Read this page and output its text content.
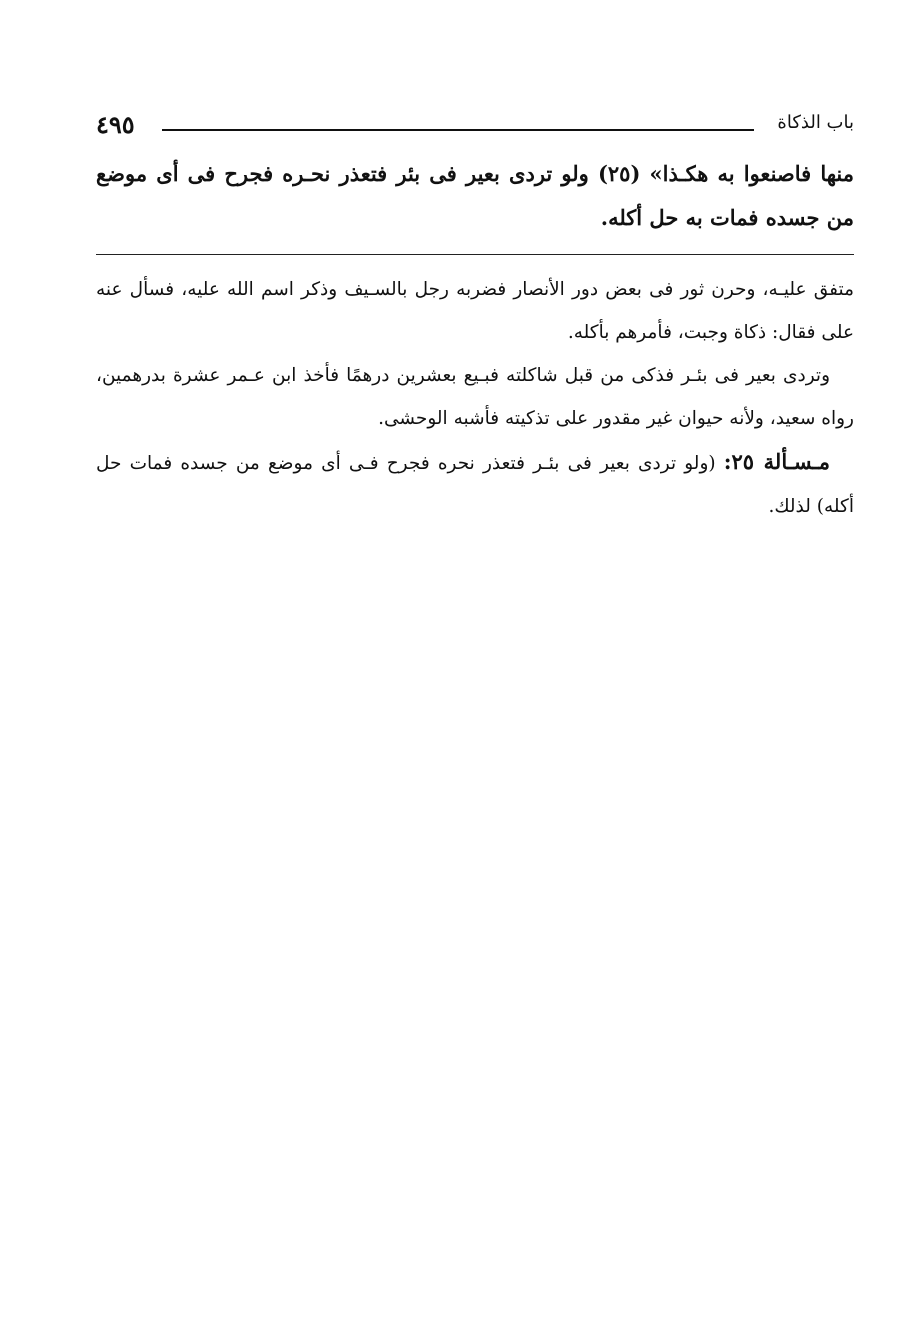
٤٩٥	باب الذكاة
منها فاصنعوا به هكـذا» (٢٥) ولو تردى بعير فى بئر فتعذر نحـره فجرح فى أى موضع من جسده فمات به حل أكله.

متفق عليـه، وحرن ثور فى بعض دور الأنصار فضربه رجل بالسـيف وذكر اسم الله عليه، فسأل عنه على فقال: ذكاة وجبت، فأمرهم بأكله.

وتردى بعير فى بئـر فذكى من قبل شاكلته فبـيع بعشرين درهمًا فأخذ ابن عـمر عشرة بدرهمين، رواه سعيد، ولأنه حيوان غير مقدور على تذكيته فأشبه الوحشى.

مـسـألة ٢٥: (ولو تردى بعير فى بئـر فتعذر نحره فجرح فـى أى موضع من جسده فمات حل أكله) لذلك.
